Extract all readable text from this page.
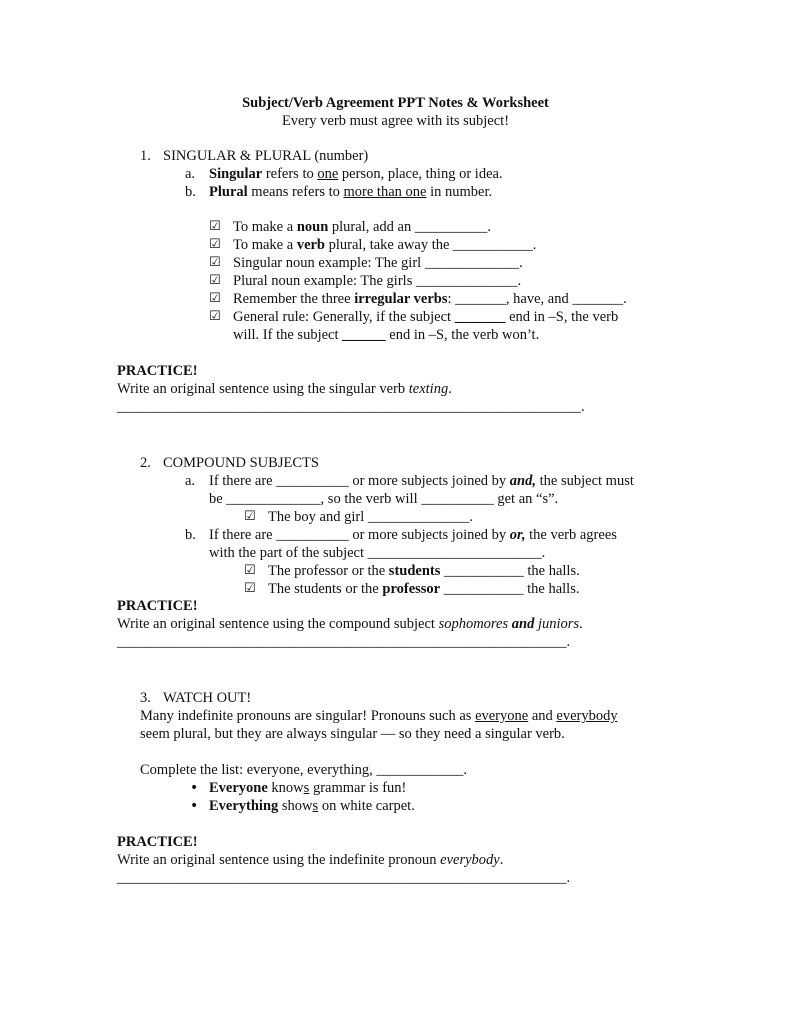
Subject/Verb Agreement PPT Notes & Worksheet
Every verb must agree with its subject!
1. SINGULAR & PLURAL (number)
a. Singular refers to one person, place, thing or idea.
b. Plural means refers to more than one in number.
☑ To make a noun plural, add an __________.
☑ To make a verb plural, take away the ___________.
☑ Singular noun example: The girl _____________.
☑ Plural noun example: The girls ______________.
☑ Remember the three irregular verbs: _______, have, and _______.
☑ General rule: Generally, if the subject _______ end in –S, the verb
will. If the subject ______ end in –S, the verb won’t.
PRACTICE!
Write an original sentence using the singular verb texting.
________________________________________________________________.
2. COMPOUND SUBJECTS
a. If there are __________ or more subjects joined by and, the subject must
be _____________, so the verb will __________ get an “s”.
☑ The boy and girl ______________.
b. If there are __________ or more subjects joined by or, the verb agrees
with the part of the subject ________________________.
☑ The professor or the students ___________ the halls.
☑ The students or the professor ___________ the halls.
PRACTICE!
Write an original sentence using the compound subject sophomores and juniors.
______________________________________________________________.
3. WATCH OUT!
Many indefinite pronouns are singular! Pronouns such as everyone and everybody
seem plural, but they are always singular — so they need a singular verb.
Complete the list: everyone, everything, ____________.
• Everyone knows grammar is fun!
• Everything shows on white carpet.
PRACTICE!
Write an original sentence using the indefinite pronoun everybody.
______________________________________________________________.
